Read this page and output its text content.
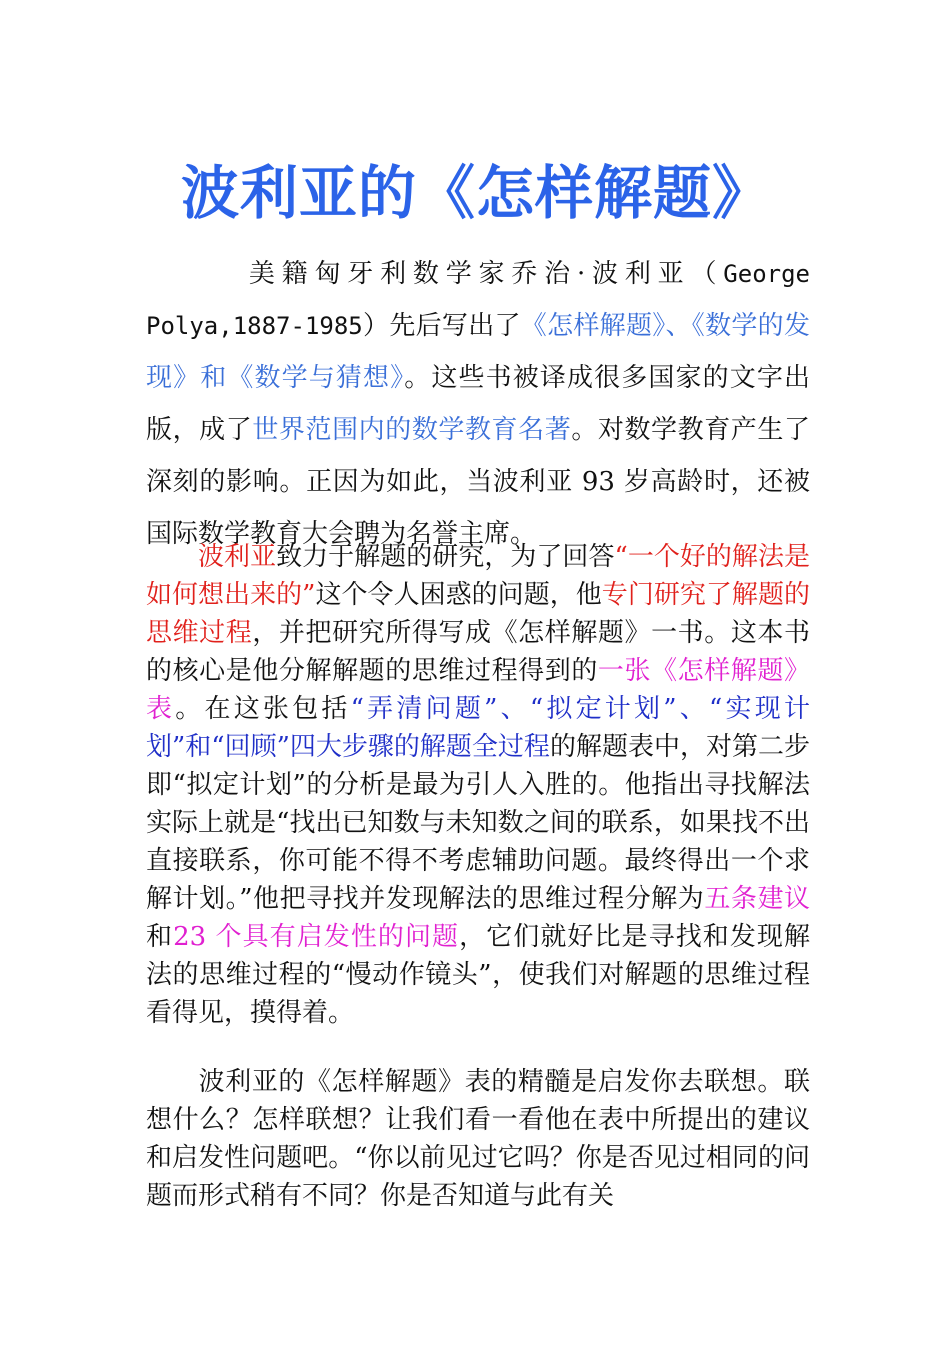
波利亚的《怎样解题》
美籍匈牙利数学家乔治·波利亚（George Polya,1887-1985）先后写出了《怎样解题》、《数学的发现》和《数学与猜想》。这些书被译成很多国家的文字出版，成了世界范围内的数学教育名著。对数学教育产生了深刻的影响。正因为如此，当波利亚 93 岁高龄时，还被国际数学教育大会聘为名誉主席。
波利亚致力于解题的研究，为了回答“一个好的解法是如何想出来的”这个令人困惑的问题，他专门研究了解题的思维过程，并把研究所得写成《怎样解题》一书。这本书的核心是他分解解题的思维过程得到的一张《怎样解题》表。在这张包括“弄清问题”、“拟定计划”、“实现计划”和“回顾”四大步骤的解题全过程的解题表中，对第二步即“拟定计划”的分析是最为引人入胜的。他指出寻找解法实际上就是“找出已知数与未知数之间的联系，如果找不出直接联系，你可能不得不考虑辅助问题。最终得出一个求解计划。”他把寻找并发现解法的思维过程分解为五条建议和23 个具有启发性的问题，它们就好比是寻找和发现解法的思维过程的“慢动作镜头”，使我们对解题的思维过程看得见，摸得着。
波利亚的《怎样解题》表的精髓是启发你去联想。联想什么？怎样联想？让我们看一看他在表中所提出的建议和启发性问题吧。“你以前见过它吗？你是否见过相同的问题而形式稍有不同？你是否知道与此有关
